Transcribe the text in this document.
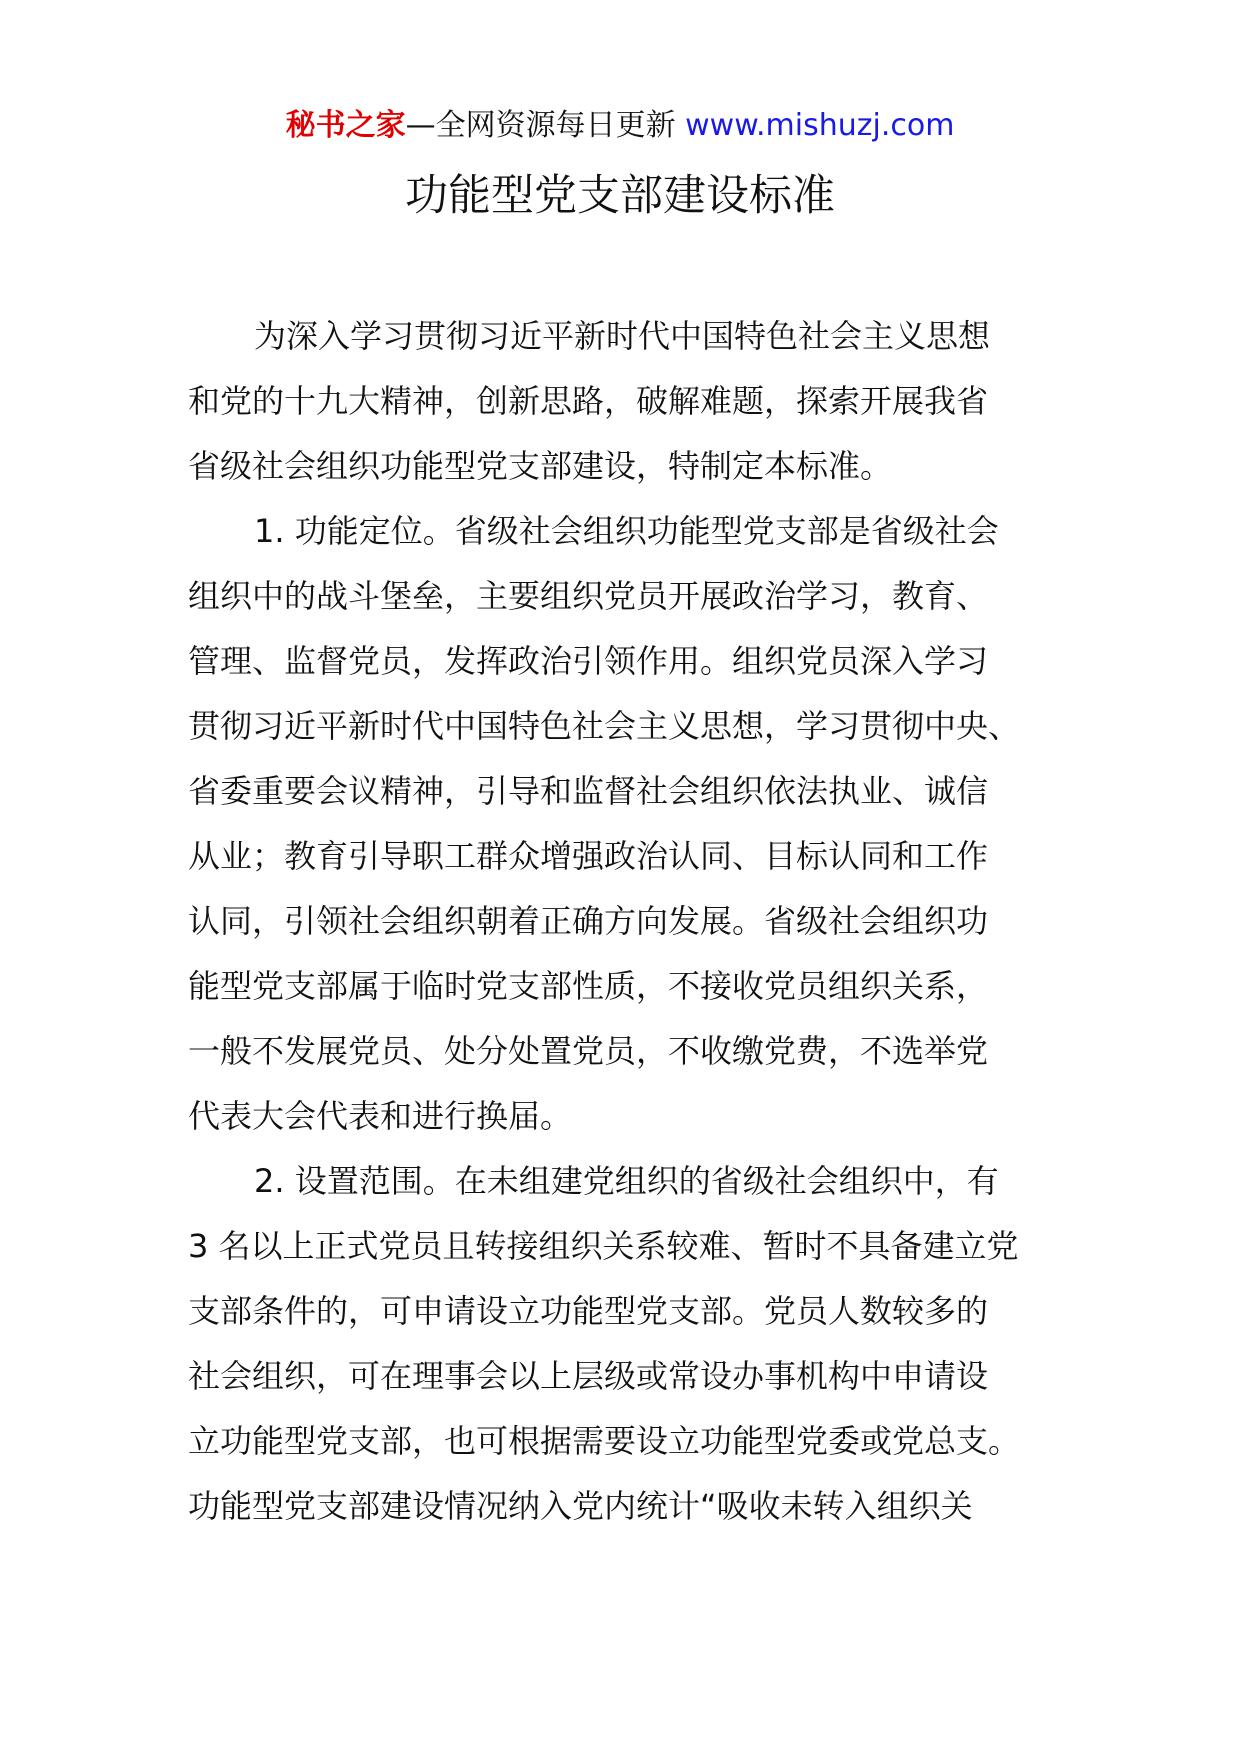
秘书之家—全网资源每日更新 www.mishuzj.com
功能型党支部建设标准
为深入学习贯彻习近平新时代中国特色社会主义思想
和党的十九大精神，创新思路，破解难题，探索开展我省
省级社会组织功能型党支部建设，特制定本标准。
1. 功能定位。省级社会组织功能型党支部是省级社会
组织中的战斗堡垒，主要组织党员开展政治学习，教育、
管理、监督党员，发挥政治引领作用。组织党员深入学习
贯彻习近平新时代中国特色社会主义思想，学习贯彻中央、
省委重要会议精神，引导和监督社会组织依法执业、诚信
从业；教育引导职工群众增强政治认同、目标认同和工作
认同，引领社会组织朝着正确方向发展。省级社会组织功
能型党支部属于临时党支部性质，不接收党员组织关系，
一般不发展党员、处分处置党员，不收缴党费，不选举党
代表大会代表和进行换届。
2. 设置范围。在未组建党组织的省级社会组织中，有
3 名以上正式党员且转接组织关系较难、暂时不具备建立党
支部条件的，可申请设立功能型党支部。党员人数较多的
社会组织，可在理事会以上层级或常设办事机构中申请设
立功能型党支部，也可根据需要设立功能型党委或党总支。
功能型党支部建设情况纳入党内统计“吸收未转入组织关
